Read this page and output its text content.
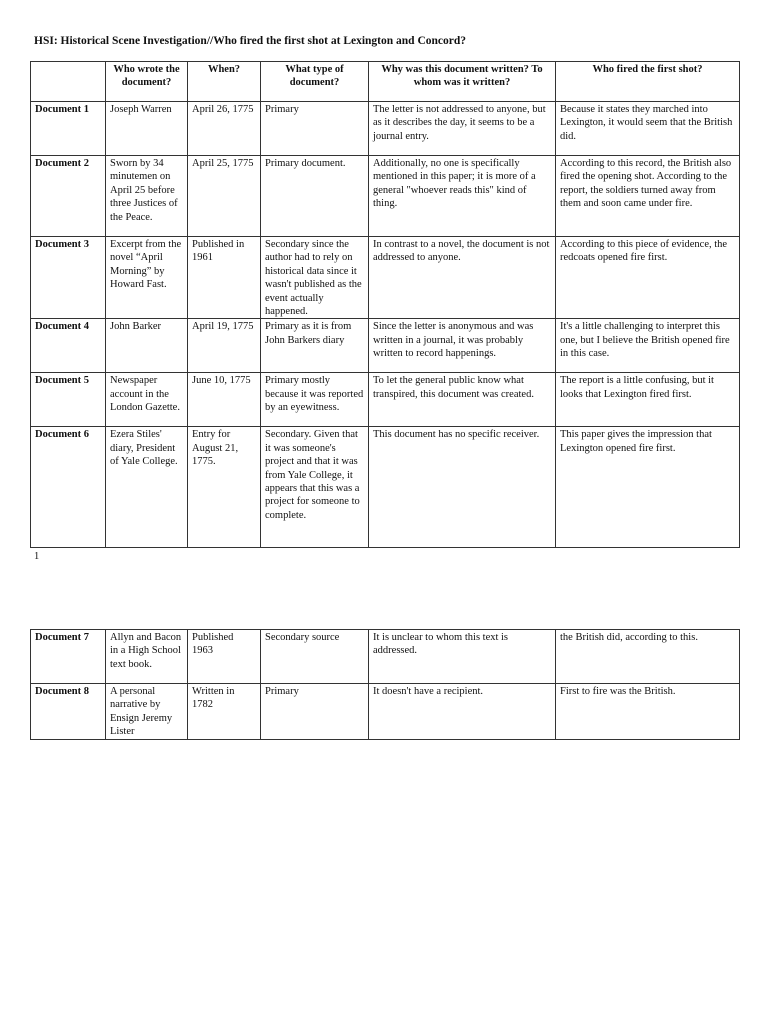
HSI: Historical Scene Investigation//Who fired the first shot at Lexington and Concord?
	Who wrote the document?	When?	What type of document?	Why was this document written? To whom was it written?	Who fired the first shot?
Document 1	Joseph Warren	April 26, 1775	Primary	The letter is not addressed to anyone, but as it describes the day, it seems to be a journal entry.	Because it states they marched into Lexington, it would seem that the British did.
Document 2	Sworn by 34 minutemen on April 25 before three Justices of the Peace.	April 25, 1775	Primary document.	Additionally, no one is specifically mentioned in this paper; it is more of a general "whoever reads this" kind of thing.	According to this record, the British also fired the opening shot. According to the report, the soldiers turned away from them and soon came under fire.
Document 3	Excerpt from the novel “April Morning” by Howard Fast.	Published in 1961	Secondary since the author had to rely on historical data since it wasn't published as the event actually happened.	In contrast to a novel, the document is not addressed to anyone.	According to this piece of evidence, the redcoats opened fire first.
Document 4	John Barker	April 19, 1775	Primary as it is from John Barkers diary	Since the letter is anonymous and was written in a journal, it was probably written to record happenings.	It's a little challenging to interpret this one, but I believe the British opened fire in this case.
Document 5	Newspaper account in the London Gazette.	June 10, 1775	Primary mostly because it was reported by an eyewitness.	To let the general public know what transpired, this document was created.	The report is a little confusing, but it looks that Lexington fired first.
Document 6	Ezera Stiles' diary, President of Yale College.	Entry for August 21, 1775.	Secondary. Given that it was someone's project and that it was from Yale College, it appears that this was a project for someone to complete.	This document has no specific receiver.	This paper gives the impression that Lexington opened fire first.
1
Document 7	Allyn and Bacon in a High School text book.	Published 1963	Secondary source	It is unclear to whom this text is addressed.	the British did, according to this.
Document 8	A personal narrative by Ensign Jeremy Lister	Written in 1782	Primary	It doesn't have a recipient.	First to fire was the British.
